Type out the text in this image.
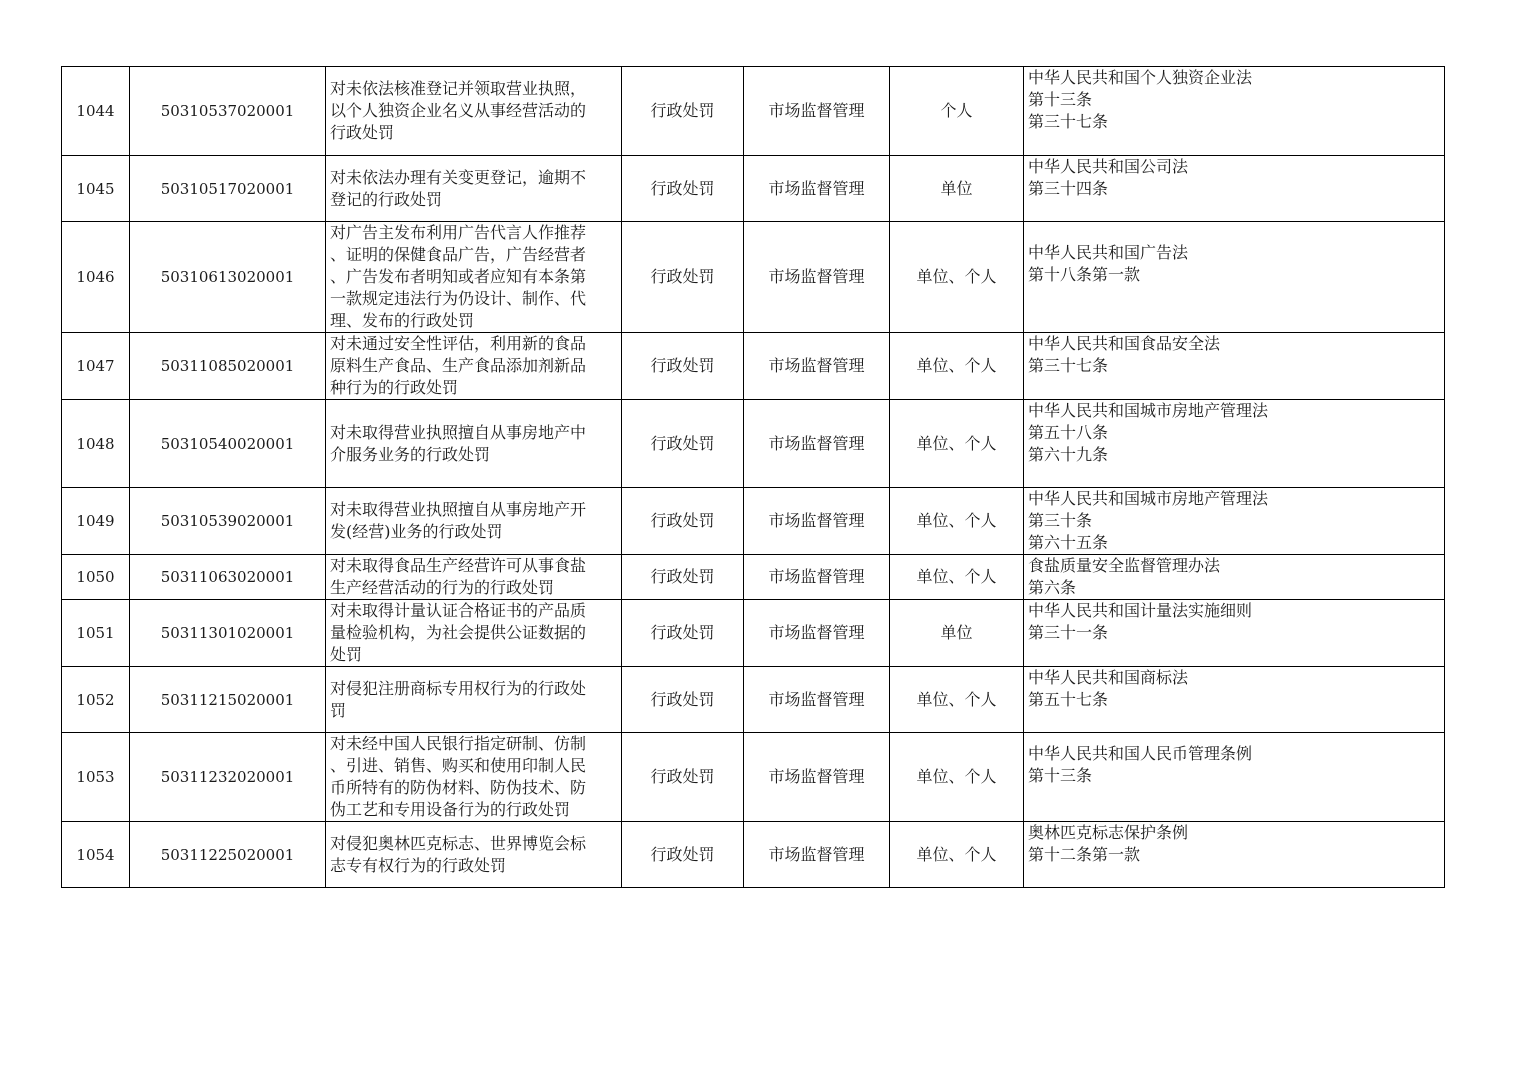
1044	50310537020001	对未依法核准登记并领取营业执照，
以个人独资企业名义从事经营活动的
行政处罚	行政处罚	市场监督管理	个人	中华人民共和国个人独资企业法
第十三条
第三十七条

1045	50310517020001	对未依法办理有关变更登记，逾期不
登记的行政处罚	行政处罚	市场监督管理	单位	中华人民共和国公司法
第三十四条

1046	50310613020001	对广告主发布利用广告代言人作推荐
、证明的保健食品广告，广告经营者
、广告发布者明知或者应知有本条第
一款规定违法行为仍设计、制作、代
理、发布的行政处罚	行政处罚	市场监督管理	单位、个人	中华人民共和国广告法
第十八条第一款

1047	50311085020001	对未通过安全性评估，利用新的食品
原料生产食品、生产食品添加剂新品
种行为的行政处罚	行政处罚	市场监督管理	单位、个人	中华人民共和国食品安全法
第三十七条

1048	50310540020001	对未取得营业执照擅自从事房地产中
介服务业务的行政处罚	行政处罚	市场监督管理	单位、个人	中华人民共和国城市房地产管理法
第五十八条
第六十九条

1049	50310539020001	对未取得营业执照擅自从事房地产开
发(经营)业务的行政处罚	行政处罚	市场监督管理	单位、个人	中华人民共和国城市房地产管理法
第三十条
第六十五条

1050	50311063020001	对未取得食品生产经营许可从事食盐
生产经营活动的行为的行政处罚	行政处罚	市场监督管理	单位、个人	食盐质量安全监督管理办法
第六条

1051	50311301020001	对未取得计量认证合格证书的产品质
量检验机构，为社会提供公证数据的
处罚	行政处罚	市场监督管理	单位	中华人民共和国计量法实施细则
第三十一条

1052	50311215020001	对侵犯注册商标专用权行为的行政处
罚	行政处罚	市场监督管理	单位、个人	中华人民共和国商标法
第五十七条

1053	50311232020001	对未经中国人民银行指定研制、仿制
、引进、销售、购买和使用印制人民
币所特有的防伪材料、防伪技术、防
伪工艺和专用设备行为的行政处罚	行政处罚	市场监督管理	单位、个人	中华人民共和国人民币管理条例
第十三条

1054	50311225020001	对侵犯奥林匹克标志、世界博览会标
志专有权行为的行政处罚	行政处罚	市场监督管理	单位、个人	奥林匹克标志保护条例
第十二条第一款
